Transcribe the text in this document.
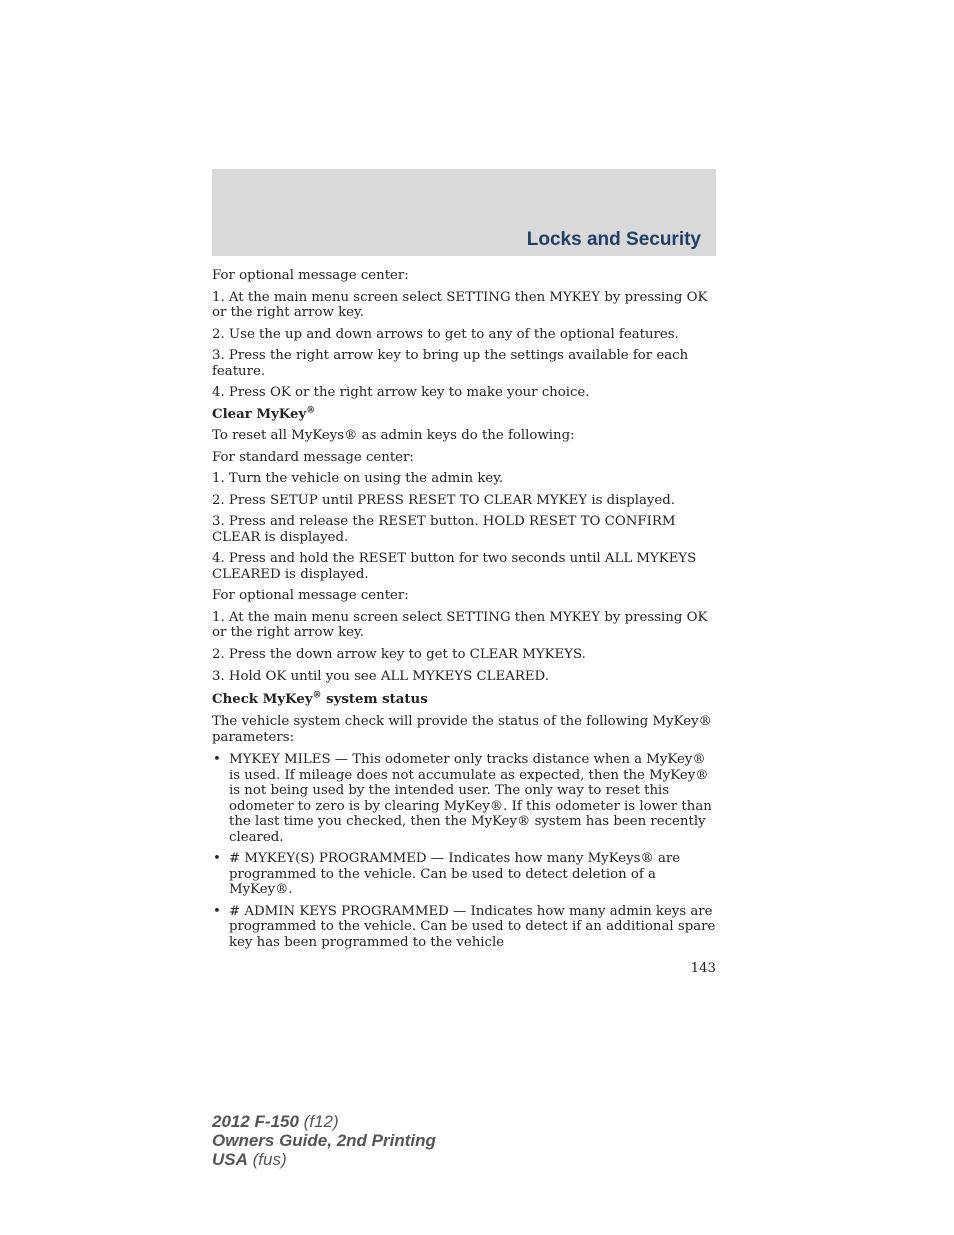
Locks and Security

For optional message center:

1. At the main menu screen select SETTING then MYKEY by pressing OK or the right arrow key.

2. Use the up and down arrows to get to any of the optional features.

3. Press the right arrow key to bring up the settings available for each feature.

4. Press OK or the right arrow key to make your choice.

Clear MyKey®

To reset all MyKeys® as admin keys do the following:

For standard message center:

1. Turn the vehicle on using the admin key.

2. Press SETUP until PRESS RESET TO CLEAR MYKEY is displayed.

3. Press and release the RESET button. HOLD RESET TO CONFIRM CLEAR is displayed.

4. Press and hold the RESET button for two seconds until ALL MYKEYS CLEARED is displayed.

For optional message center:

1. At the main menu screen select SETTING then MYKEY by pressing OK or the right arrow key.

2. Press the down arrow key to get to CLEAR MYKEYS.

3. Hold OK until you see ALL MYKEYS CLEARED.

Check MyKey® system status

The vehicle system check will provide the status of the following MyKey® parameters:

• MYKEY MILES — This odometer only tracks distance when a MyKey® is used. If mileage does not accumulate as expected, then the MyKey® is not being used by the intended user. The only way to reset this odometer to zero is by clearing MyKey®. If this odometer is lower than the last time you checked, then the MyKey® system has been recently cleared.
• # MYKEY(S) PROGRAMMED — Indicates how many MyKeys® are programmed to the vehicle. Can be used to detect deletion of a MyKey®.
• # ADMIN KEYS PROGRAMMED — Indicates how many admin keys are programmed to the vehicle. Can be used to detect if an additional spare key has been programmed to the vehicle
143
2012 F-150 (f12)
Owners Guide, 2nd Printing
USA (fus)
